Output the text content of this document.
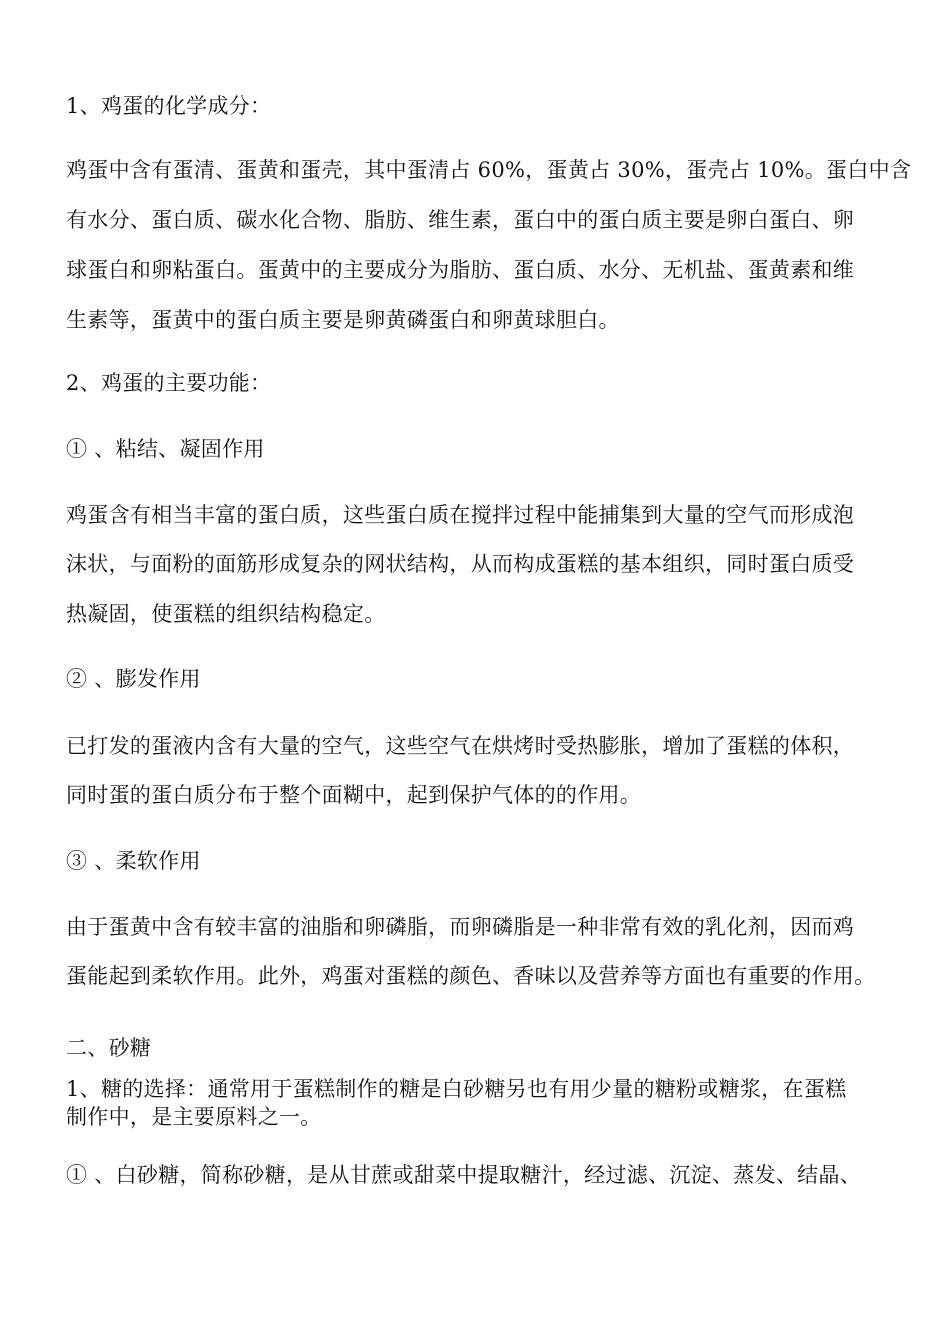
1、鸡蛋的化学成分：
鸡蛋中含有蛋清、蛋黄和蛋壳，其中蛋清占 60%，蛋黄占 30%，蛋壳占 10%。蛋白中含
有水分、蛋白质、碳水化合物、脂肪、维生素，蛋白中的蛋白质主要是卵白蛋白、卵
球蛋白和卵粘蛋白。蛋黄中的主要成分为脂肪、蛋白质、水分、无机盐、蛋黄素和维
生素等，蛋黄中的蛋白质主要是卵黄磷蛋白和卵黄球胆白。
2、鸡蛋的主要功能：
① 、粘结、凝固作用
鸡蛋含有相当丰富的蛋白质，这些蛋白质在搅拌过程中能捕集到大量的空气而形成泡
沫状，与面粉的面筋形成复杂的网状结构，从而构成蛋糕的基本组织，同时蛋白质受
热凝固，使蛋糕的组织结构稳定。
② 、膨发作用
已打发的蛋液内含有大量的空气，这些空气在烘烤时受热膨胀，增加了蛋糕的体积，
同时蛋的蛋白质分布于整个面糊中，起到保护气体的的作用。
③ 、柔软作用
由于蛋黄中含有较丰富的油脂和卵磷脂，而卵磷脂是一种非常有效的乳化剂，因而鸡
蛋能起到柔软作用。此外，鸡蛋对蛋糕的颜色、香味以及营养等方面也有重要的作用。
二、砂糖
1、糖的选择：通常用于蛋糕制作的糖是白砂糖另也有用少量的糖粉或糖浆，在蛋糕
制作中，是主要原料之一。
① 、白砂糖，简称砂糖，是从甘蔗或甜菜中提取糖汁，经过滤、沉淀、蒸发、结晶、
